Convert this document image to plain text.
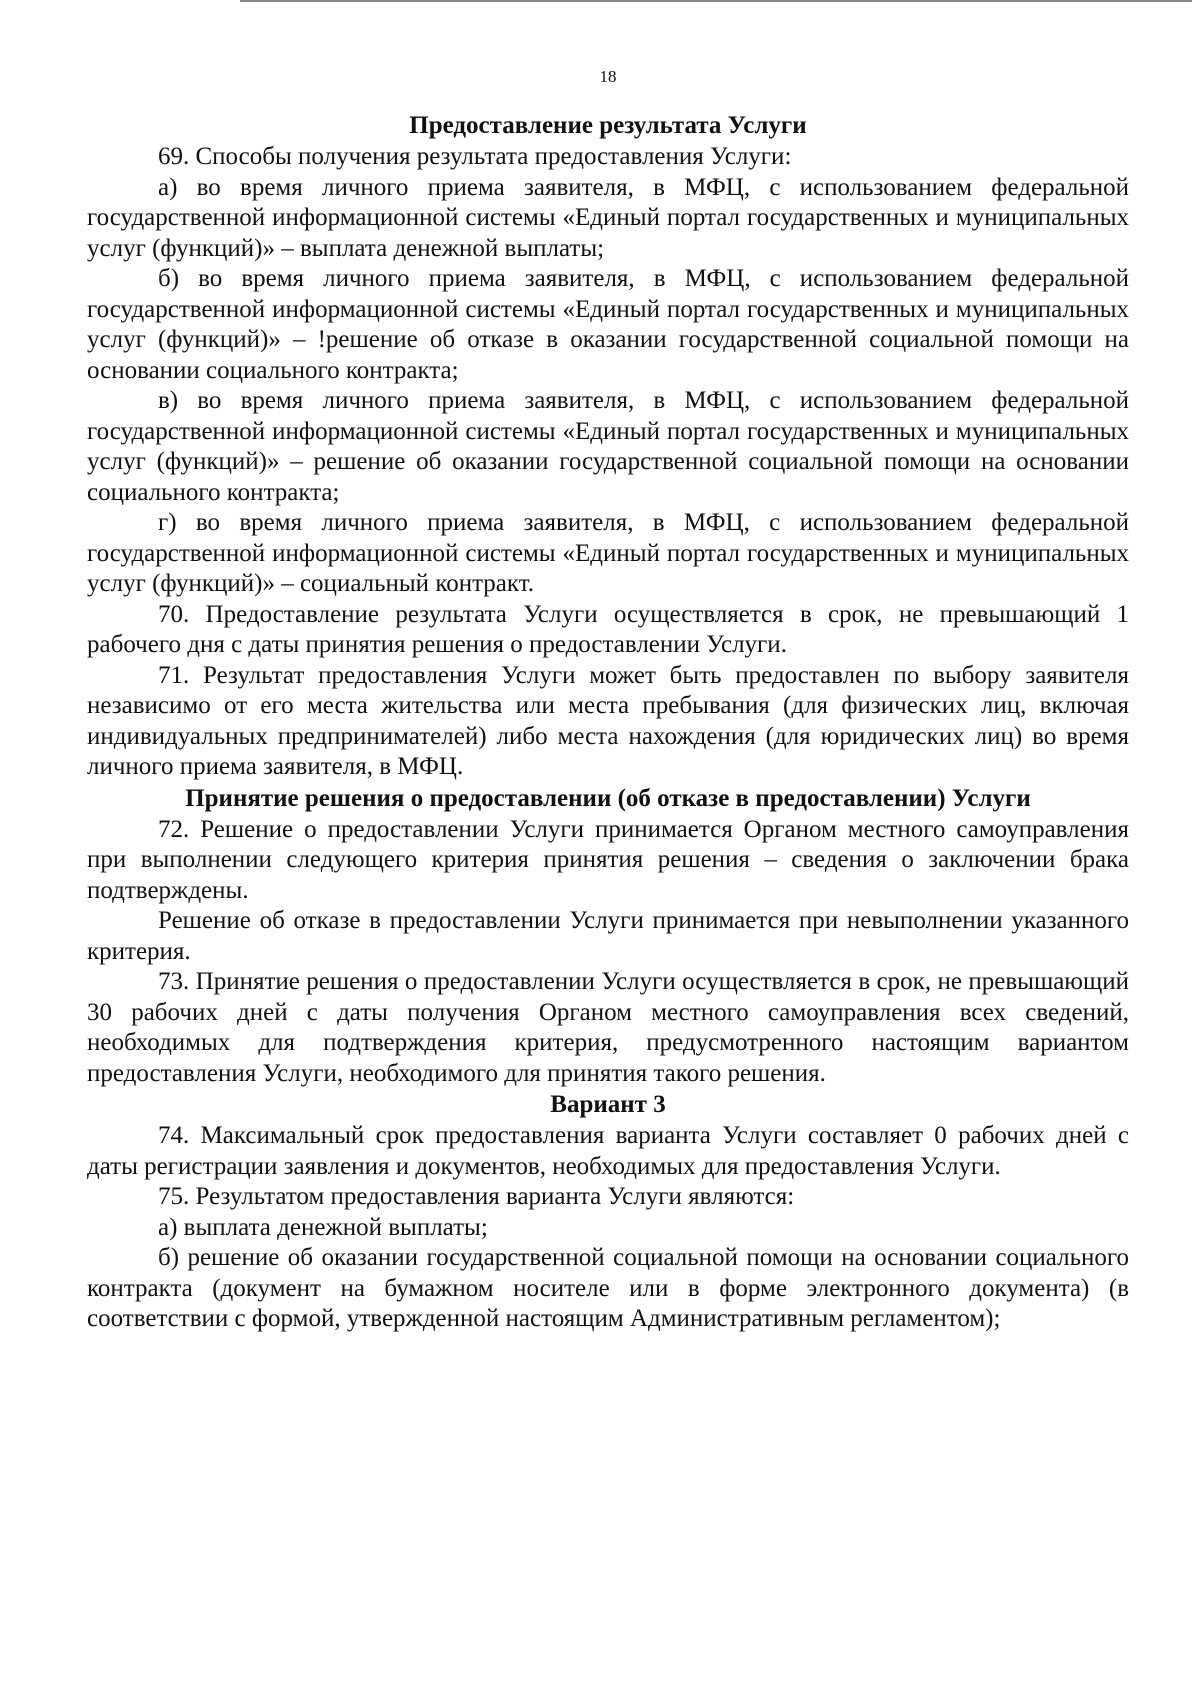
18
Предоставление результата Услуги

69. Способы получения результата предоставления Услуги:

а) во время личного приема заявителя, в МФЦ, с использованием федеральной государственной информационной системы «Единый портал государственных и муниципальных услуг (функций)» – выплата денежной выплаты;

б) во время личного приема заявителя, в МФЦ, с использованием федеральной государственной информационной системы «Единый портал государственных и муниципальных услуг (функций)» – !решение об отказе в оказании государственной социальной помощи на основании социального контракта;

в) во время личного приема заявителя, в МФЦ, с использованием федеральной государственной информационной системы «Единый портал государственных и муниципальных услуг (функций)» – решение об оказании государственной социальной помощи на основании социального контракта;

г) во время личного приема заявителя, в МФЦ, с использованием федеральной государственной информационной системы «Единый портал государственных и муниципальных услуг (функций)» – социальный контракт.

70. Предоставление результата Услуги осуществляется в срок, не превышающий 1 рабочего дня с даты принятия решения о предоставлении Услуги.

71. Результат предоставления Услуги может быть предоставлен по выбору заявителя независимо от его места жительства или места пребывания (для физических лиц, включая индивидуальных предпринимателей) либо места нахождения (для юридических лиц) во время личного приема заявителя, в МФЦ.

Принятие решения о предоставлении (об отказе в предоставлении) Услуги

72. Решение о предоставлении Услуги принимается Органом местного самоуправления при выполнении следующего критерия принятия решения – сведения о заключении брака подтверждены.

Решение об отказе в предоставлении Услуги принимается при невыполнении указанного критерия.

73. Принятие решения о предоставлении Услуги осуществляется в срок, не превышающий 30 рабочих дней с даты получения Органом местного самоуправления всех сведений, необходимых для подтверждения критерия, предусмотренного настоящим вариантом предоставления Услуги, необходимого для принятия такого решения.

Вариант 3

74. Максимальный срок предоставления варианта Услуги составляет 0 рабочих дней с даты регистрации заявления и документов, необходимых для предоставления Услуги.

75. Результатом предоставления варианта Услуги являются:

а) выплата денежной выплаты;

б) решение об оказании государственной социальной помощи на основании социального контракта (документ на бумажном носителе или в форме электронного документа) (в соответствии с формой, утвержденной настоящим Административным регламентом);
